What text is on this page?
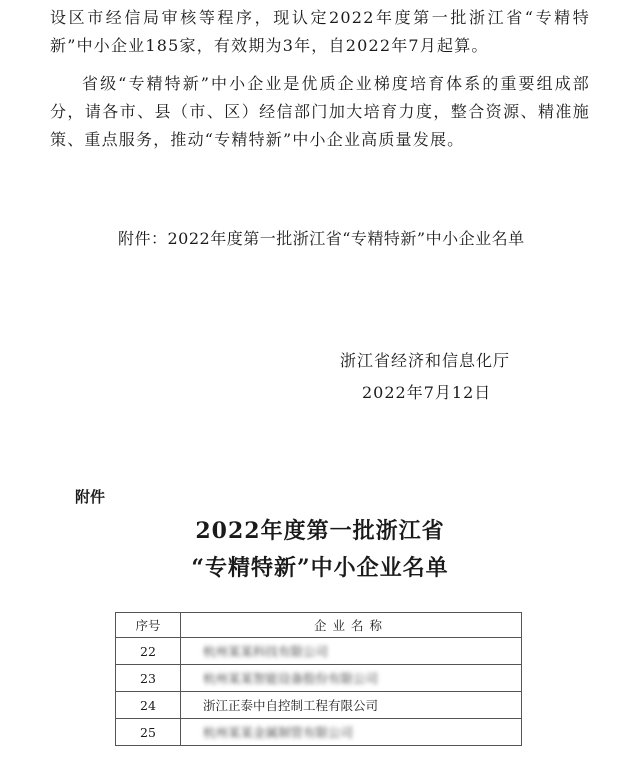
设区市经信局审核等程序，现认定2022年度第一批浙江省“专精特新”中小企业185家，有效期为3年，自2022年7月起算。

省级“专精特新”中小企业是优质企业梯度培育体系的重要组成部分，请各市、县（市、区）经信部门加大培育力度，整合资源、精准施策、重点服务，推动“专精特新”中小企业高质量发展。

附件：2022年度第一批浙江省“专精特新”中小企业名单
浙江省经济和信息化厅
2022年7月12日
附件
2022年度第一批浙江省
“专精特新”中小企业名单
序号	企业名称
22	杭州某某科技有限公司
23	杭州某某智能设备股份有限公司
24	浙江正泰中自控制工程有限公司
25	杭州某某金属制管有限公司
